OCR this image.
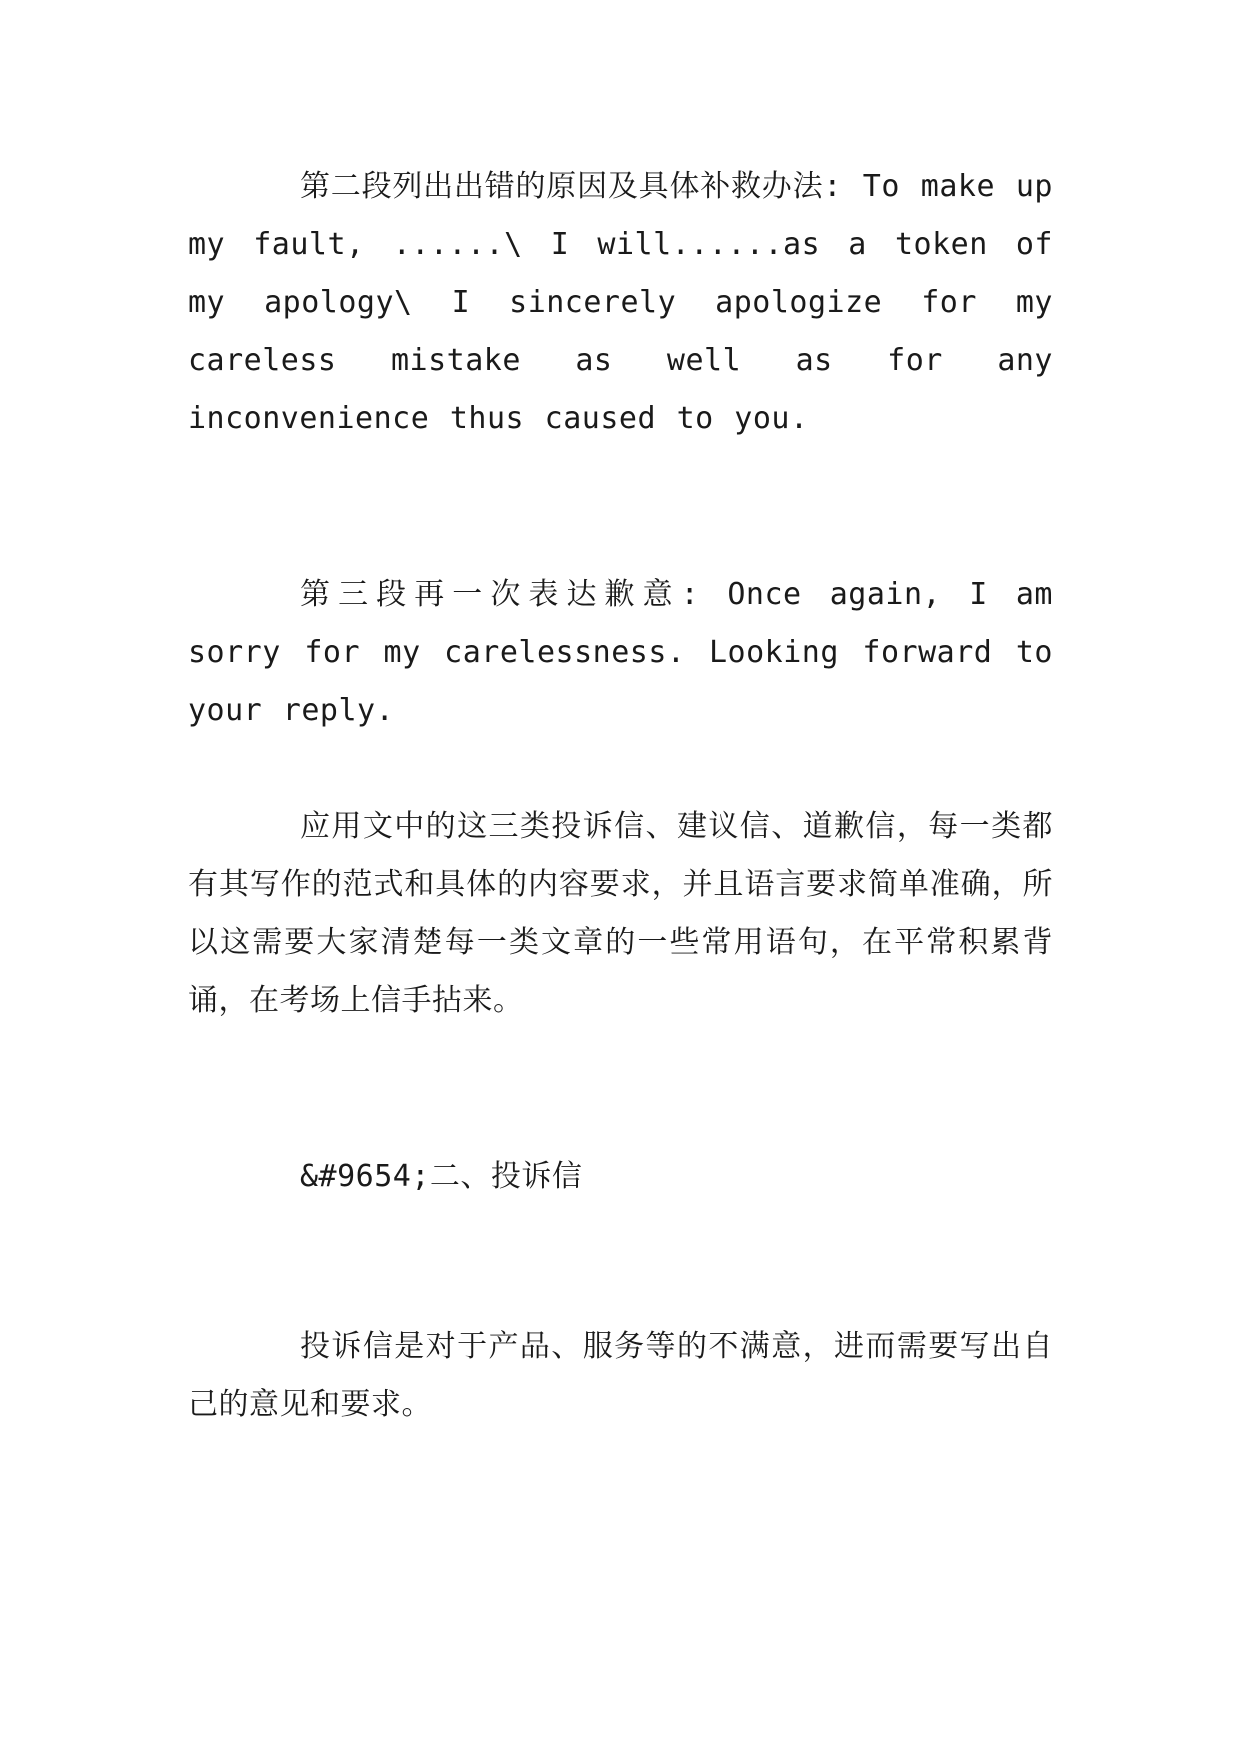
第二段列出出错的原因及具体补救办法: To make up my fault, ......\ I will......as a token of my apology\ I sincerely apologize for my careless mistake as well as for any inconvenience thus caused to you.

第三段再一次表达歉意: Once again, I am sorry for my carelessness. Looking forward to your reply.

应用文中的这三类投诉信、建议信、道歉信，每一类都有其写作的范式和具体的内容要求，并且语言要求简单准确，所以这需要大家清楚每一类文章的一些常用语句，在平常积累背诵，在考场上信手拈来。

&#9654;二、投诉信

投诉信是对于产品、服务等的不满意，进而需要写出自己的意见和要求。
